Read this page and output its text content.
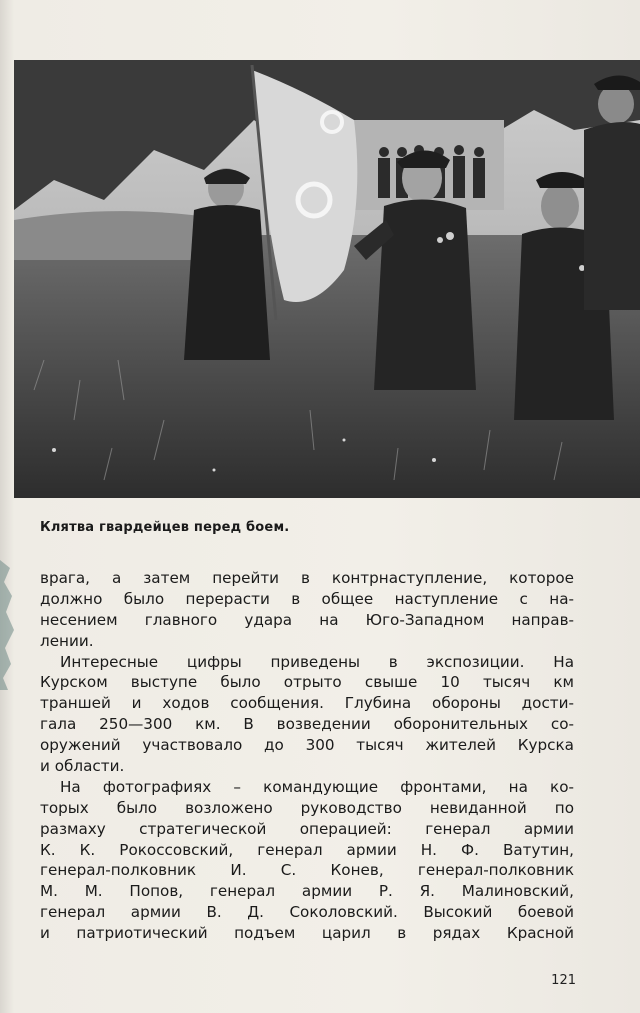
Клятва гвардейцев перед боем.
врага, а затем перейти в контрнаступление, которое
должно было перерасти в общее наступление с на-
несением главного удара на Юго-Западном направ-
лении.
Интересные цифры приведены в экспозиции. На
Курском выступе было отрыто свыше 10 тысяч км
траншей и ходов сообщения. Глубина обороны дости-
гала 250—300 км. В возведении оборонительных со-
оружений участвовало до 300 тысяч жителей Курска
и области.
На фотографиях – командующие фронтами, на ко-
торых было возложено руководство невиданной по
размаху стратегической операцией: генерал армии
К. К. Рокоссовский, генерал армии Н. Ф. Ватутин,
генерал-полковник И. С. Конев, генерал-полковник
М. М. Попов, генерал армии Р. Я. Малиновский,
генерал армии В. Д. Соколовский. Высокий боевой
и патриотический подъем царил в рядах Красной
121
